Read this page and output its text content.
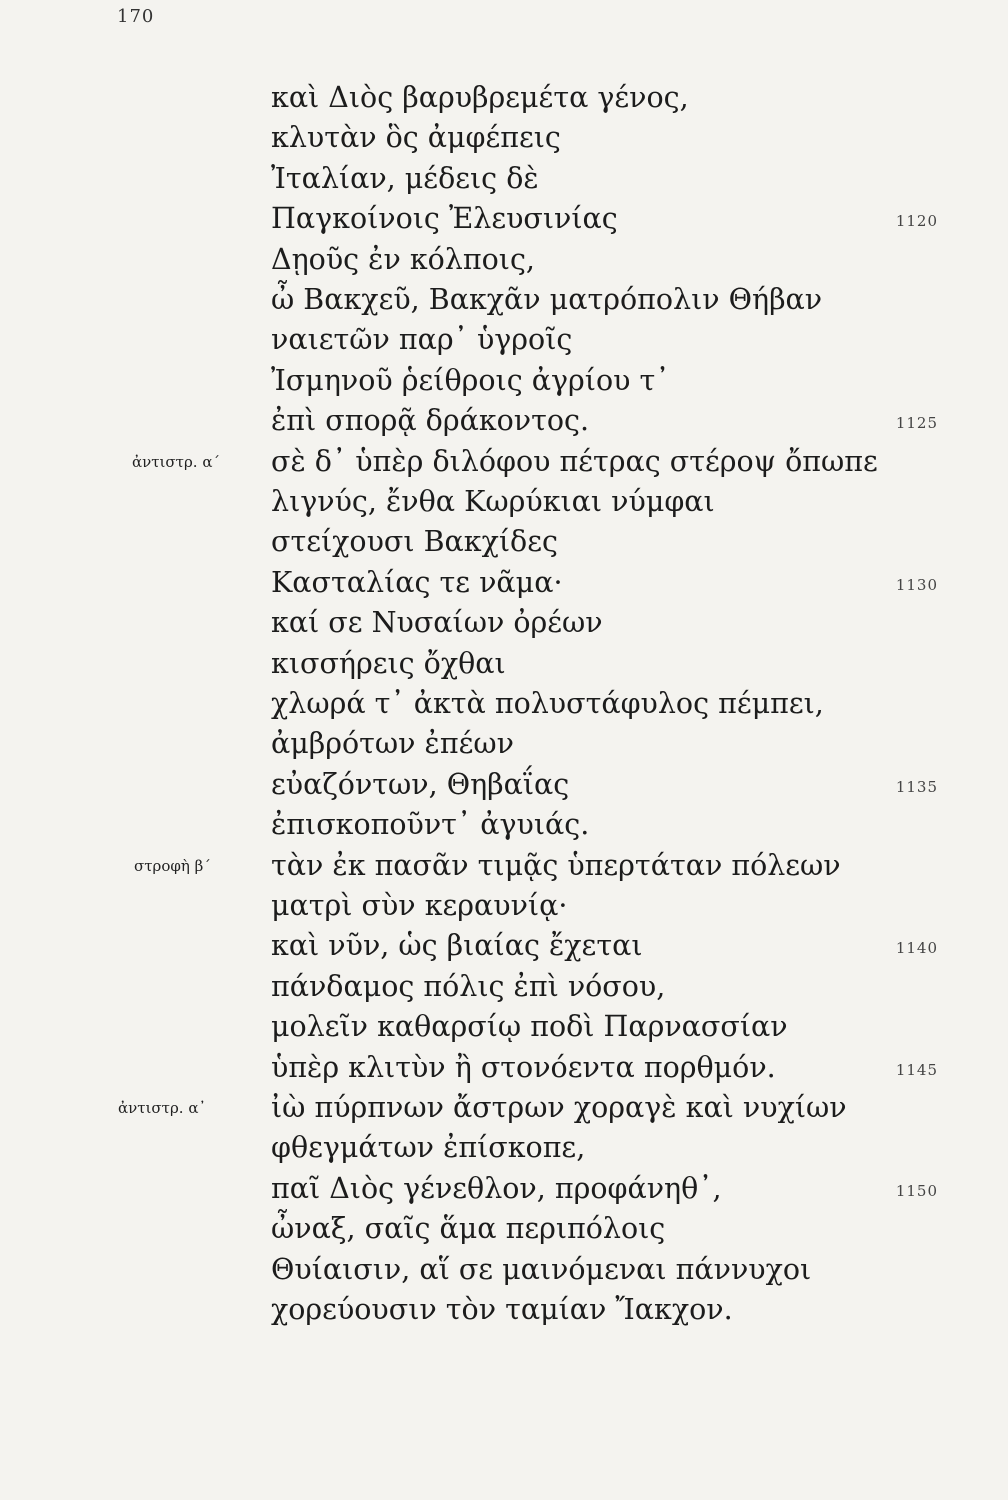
170
καὶ Διὸς βαρυβρεμέτα γένος,
κλυτὰν ὃς ἀμφέπεις
Ἰταλίαν, μέδεις δὲ
Παγκοίνοις Ἐλευσινίας	1120
Δῃοῦς ἐν κόλποις,
ὦ Βακχεῦ, Βακχᾶν ματρόπολιν Θήβαν
ναιετῶν παρ᾽ ὑγροῖς
Ἰσμηνοῦ ῥείθροις ἀγρίου τ᾽
ἐπὶ σπορᾷ δράκοντος.	1125
σὲ δ᾽ ὑπὲρ διλόφου πέτρας στέροψ ὄπωπε
ἀντιστρ. α´
λιγνύς, ἔνθα Κωρύκιαι νύμφαι
στείχουσι Βακχίδες
Κασταλίας τε νᾶμα·	1130
καί σε Νυσαίων ὀρέων
κισσήρεις ὄχθαι
χλωρά τ᾽ ἀκτὰ πολυστάφυλος πέμπει,
ἀμβρότων ἐπέων
εὐαζόντων, Θηβαΐας	1135
ἐπισκοποῦντ᾽ ἀγυιάς.
τὰν ἐκ πασᾶν τιμᾷς ὑπερτάταν πόλεων
στροφὴ β´
ματρὶ σὺν κεραυνίᾳ·
καὶ νῦν, ὡς βιαίας ἔχεται	1140
πάνδαμος πόλις ἐπὶ νόσου,
μολεῖν καθαρσίῳ ποδὶ Παρνασσίαν
ὑπὲρ κλιτὺν ἢ στονόεντα πορθμόν.	1145
ἰὼ πύρπνων ἄστρων χοραγὲ καὶ νυχίων
ἀντιστρ. α᾽
φθεγμάτων ἐπίσκοπε,
παῖ Διὸς γένεθλον, προφάνηθ᾽,	1150
ὦναξ, σαῖς ἅμα περιπόλοις
Θυίαισιν, αἵ σε μαινόμεναι πάννυχοι
χορεύουσιν τὸν ταμίαν Ἴακχον.
